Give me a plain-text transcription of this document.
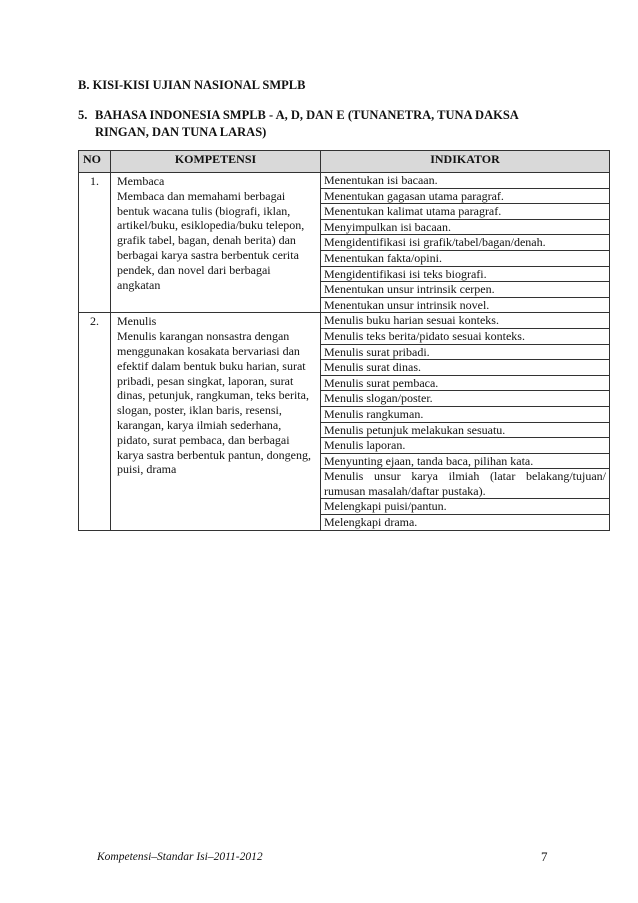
B. KISI-KISI UJIAN NASIONAL SMPLB
5. BAHASA INDONESIA SMPLB - A, D, DAN E (TUNANETRA, TUNA DAKSA
RINGAN, DAN TUNA LARAS)
NO	KOMPETENSI	INDIKATOR
1.	Membaca
Membaca dan memahami berbagai bentuk wacana tulis (biografi, iklan, artikel/buku, esiklopedia/buku telepon, grafik tabel, bagan, denah berita) dan berbagai karya sastra berbentuk cerita pendek, dan novel dari berbagai angkatan	Menentukan isi bacaan.
		Menentukan gagasan utama paragraf.
		Menentukan kalimat utama paragraf.
		Menyimpulkan isi bacaan.
		Mengidentifikasi isi grafik/tabel/bagan/denah.
		Menentukan fakta/opini.
		Mengidentifikasi isi teks biografi.
		Menentukan unsur intrinsik cerpen.
		Menentukan unsur intrinsik novel.
2.	Menulis
Menulis karangan nonsastra dengan menggunakan kosakata bervariasi dan efektif dalam bentuk buku harian, surat pribadi, pesan singkat, laporan, surat dinas, petunjuk, rangkuman, teks berita, slogan, poster, iklan baris, resensi, karangan, karya ilmiah sederhana, pidato, surat pembaca, dan berbagai karya sastra berbentuk pantun, dongeng, puisi, drama	Menulis buku harian sesuai konteks.
		Menulis teks berita/pidato sesuai konteks.
		Menulis surat pribadi.
		Menulis surat dinas.
		Menulis surat pembaca.
		Menulis slogan/poster.
		Menulis rangkuman.
		Menulis petunjuk melakukan sesuatu.
		Menulis laporan.
		Menyunting ejaan, tanda baca, pilihan kata.
		Menulis unsur karya ilmiah (latar belakang/tujuan/ rumusan masalah/daftar pustaka).
		Melengkapi puisi/pantun.
		Melengkapi drama.
Kompetensi–Standar Isi–2011-2012	7
